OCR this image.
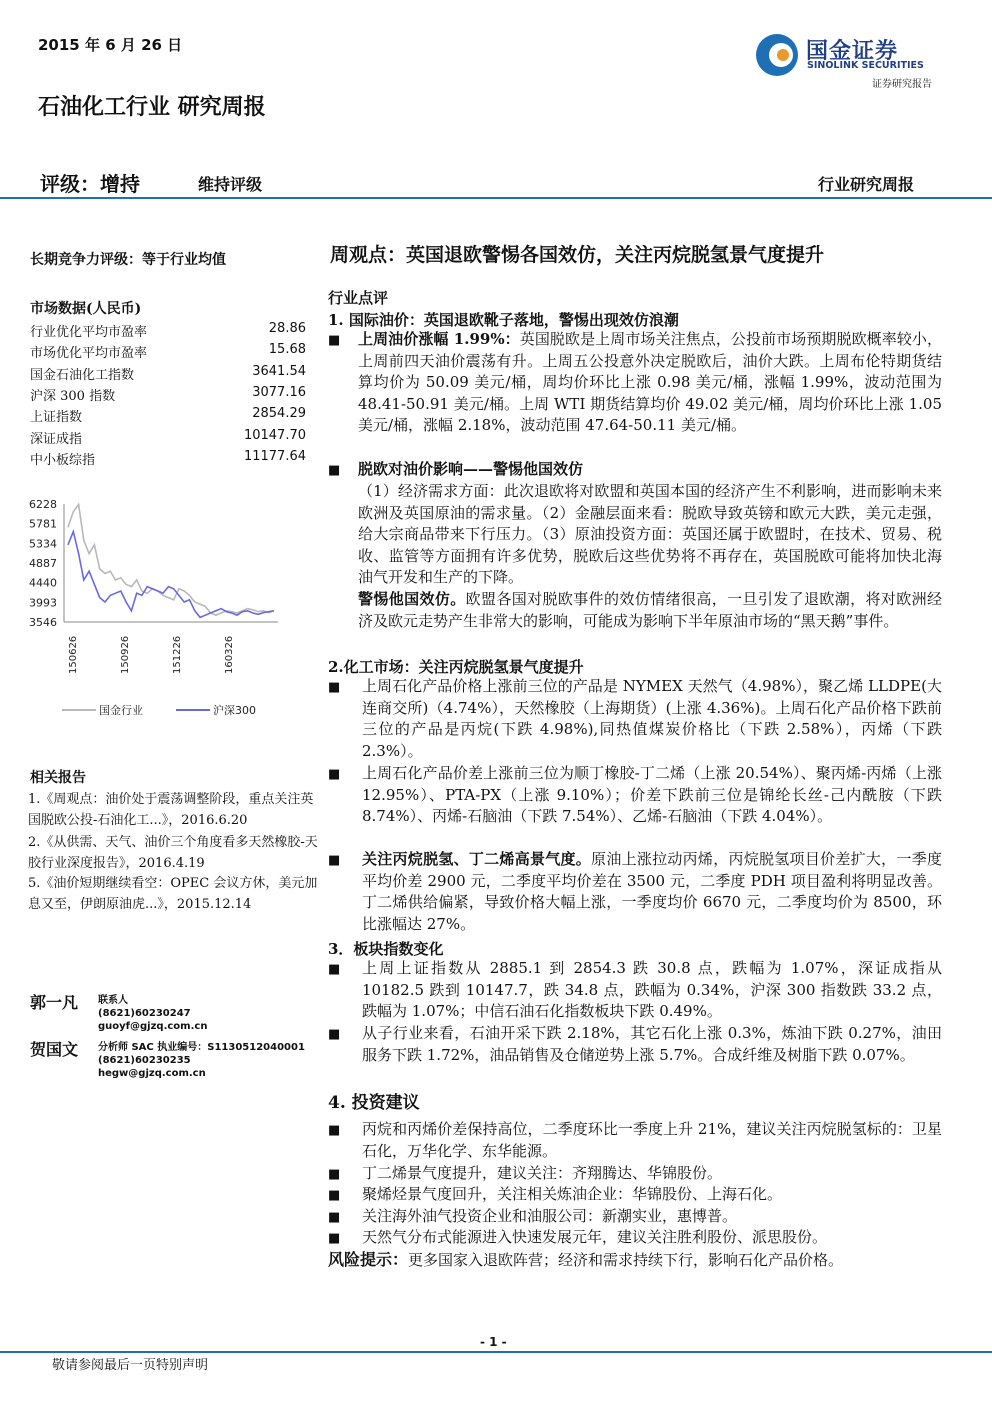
2015 年 6 月 26 日	国金证券
SINOLINK SECURITIES
证券研究报告
石油化工行业 研究周报
评级：增持	维持评级	行业研究周报
长期竞争力评级：等于行业均值
市场数据(人民币)
行业优化平均市盈率	28.86
市场优化平均市盈率	15.68
国金石油化工指数	3641.54
沪深 300 指数	3077.16
上证指数	2854.29
深证成指	10147.70
中小板综指	11177.64
6228
5781
5334
4887
4440
3993
3546
150626	150926	151226	160326
国金行业	沪深300
相关报告
1.《周观点：油价处于震荡调整阶段，重点关注英国脱欧公投-石油化工...》，2016.6.20
2.《从供需、天气、油价三个角度看多天然橡胶-天胶行业深度报告》，2016.4.19
5.《油价短期继续看空：OPEC 会议方休，美元加息又至，伊朗原油虎...》，2015.12.14
郭一凡 联系人
(8621)60230247
guoyf@gjzq.com.cn
贺国文 分析师 SAC 执业编号：S1130512040001
(8621)60230235
hegw@gjzq.com.cn
周观点：英国退欧警惕各国效仿，关注丙烷脱氢景气度提升
行业点评
1. 国际油价：英国退欧靴子落地，警惕出现效仿浪潮
■ 上周油价涨幅 1.99%：英国脱欧是上周市场关注焦点，公投前市场预期脱欧概率较小，上周前四天油价震荡有升。上周五公投意外决定脱欧后，油价大跌。上周布伦特期货结算均价为 50.09 美元/桶，周均价环比上涨 0.98 美元/桶，涨幅 1.99%，波动范围为 48.41-50.91 美元/桶。上周 WTI 期货结算均价 49.02 美元/桶，周均价环比上涨 1.05 美元/桶，涨幅 2.18%，波动范围 47.64-50.11 美元/桶。
■ 脱欧对油价影响——警惕他国效仿
（1）经济需求方面：此次退欧将对欧盟和英国本国的经济产生不利影响，进而影响未来欧洲及英国原油的需求量。（2）金融层面来看：脱欧导致英镑和欧元大跌，美元走强，给大宗商品带来下行压力。（3）原油投资方面：英国还属于欧盟时，在技术、贸易、税收、监管等方面拥有许多优势，脱欧后这些优势将不再存在，英国脱欧可能将加快北海油气开发和生产的下降。
警惕他国效仿。欧盟各国对脱欧事件的效仿情绪很高，一旦引发了退欧潮，将对欧洲经济及欧元走势产生非常大的影响，可能成为影响下半年原油市场的“黑天鹅”事件。
2.化工市场：关注丙烷脱氢景气度提升
■ 上周石化产品价格上涨前三位的产品是 NYMEX 天然气（4.98%），聚乙烯 LLDPE(大连商交所)（4.74%），天然橡胶（上海期货）(上涨 4.36%)。上周石化产品价格下跌前三位的产品是丙烷(下跌 4.98%),同热值煤炭价格比（下跌 2.58%），丙烯（下跌 2.3%）。
■ 上周石化产品价差上涨前三位为顺丁橡胶-丁二烯（上涨 20.54%）、聚丙烯-丙烯（上涨 12.95%）、PTA-PX（上涨 9.10%）；价差下跌前三位是锦纶长丝-己内酰胺（下跌 8.74%）、丙烯-石脑油（下跌 7.54%）、乙烯-石脑油（下跌 4.04%）。
■ 关注丙烷脱氢、丁二烯高景气度。原油上涨拉动丙烯，丙烷脱氢项目价差扩大，一季度平均价差 2900 元，二季度平均价差在 3500 元，二季度 PDH 项目盈利将明显改善。丁二烯供给偏紧，导致价格大幅上涨，一季度均价 6670 元，二季度均价为 8500，环比涨幅达 27%。
3．板块指数变化
■ 上周上证指数从 2885.1 到 2854.3 跌 30.8 点，跌幅为 1.07%，深证成指从 10182.5 跌到 10147.7，跌 34.8 点，跌幅为 0.34%，沪深 300 指数跌 33.2 点，跌幅为 1.07%；中信石油石化指数板块下跌 0.49%。
■ 从子行业来看，石油开采下跌 2.18%，其它石化上涨 0.3%，炼油下跌 0.27%，油田服务下跌 1.72%，油品销售及仓储逆势上涨 5.7%。合成纤维及树脂下跌 0.07%。
4. 投资建议
■ 丙烷和丙烯价差保持高位，二季度环比一季度上升 21%，建议关注丙烷脱氢标的：卫星石化，万华化学、东华能源。
■ 丁二烯景气度提升，建议关注：齐翔腾达、华锦股份。
■ 聚烯烃景气度回升，关注相关炼油企业：华锦股份、上海石化。
■ 关注海外油气投资企业和油服公司：新潮实业，惠博普。
■ 天然气分布式能源进入快速发展元年，建议关注胜利股份、派思股份。
风险提示：更多国家入退欧阵营；经济和需求持续下行，影响石化产品价格。
- 1 -
敬请参阅最后一页特别声明
